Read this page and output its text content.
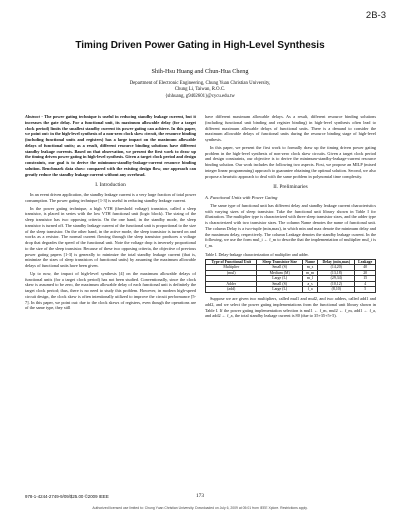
2B-3
Timing Driven Power Gating in High-Level Synthesis
Shih-Hsu Huang and Chun-Hua Cheng
Department of Electronic Engineering, Chung Yuan Christian University,
Chung Li, Taiwan, R.O.C.
{shhuang, g9402601}@cycu.edu.tw
Abstract - The power gating technique is useful in reducing standby leakage current, but it increases the gate delay. For a functional unit, its maximum allowable delay (for a target clock period) limits the smallest standby current its power gating can achieve. In this paper, we point out: in the high-level synthesis of a non-zero clock skew circuit, the resource binding (including functional units and registers) has a large impact on the maximum allowable delays of functional units; as a result, different resource binding solutions have different standby leakage currents. Based on that observation, we present the first work to draw up the timing driven power gating in high-level synthesis. Given a target clock period and design constraints, our goal is to derive the minimum-standby-leakage-current resource binding solution. Benchmark data show: compared with the existing design flow, our approach can greatly reduce the standby leakage current without any overhead.
I. Introduction

In an event driven application, the standby leakage current is a very large fraction of total power consumption. The power gating technique [1-3] is useful in reducing standby leakage current.

In the power gating technique, a high VTH (threshold voltage) transistor, called a sleep transistor, is placed in series with the low VTH functional unit (logic block). The sizing of the sleep transistor has two opposing criteria. On the one hand, in the standby mode, the sleep transistor is turned off. The standby leakage current of the functional unit is proportional to the size of the sleep transistor. On the other hand, in the active mode, the sleep transistor is turned on and works as a resistor. The normal current flowing through the sleep transistor produces a voltage drop that degrades the speed of the functional unit. Note the voltage drop is inversely proportional to the size of the sleep transistor. Because of these two opposing criteria, the objective of previous power gating papers [1-3] is generally to minimize the total standby leakage current (that is, minimize the sizes of sleep transistors of functional units) by assuming the maximum allowable delays of functional units have been given.

Up to now, the impact of high-level synthesis [4] on the maximum allowable delays of functional units (for a target clock period) has not been studied. Conventionally, since the clock skew is assumed to be zero, the maximum allowable delay of each functional unit is definitely the target clock period; thus, there is no need to study this problem. However, in modern high-speed circuit design, the clock skew is often intentionally utilized to improve the circuit performance [5-7]. In this paper, we point out: due to the clock skews of registers, even though the operations are of the same type, they still

have different maximum allowable delays. As a result, different resource binding solutions (including functional unit binding and register binding) in high-level synthesis often lead to different maximum allowable delays of functional units. There is a demand to consider the maximum allowable delays of functional units during the resource binding stage of high-level synthesis.

In this paper, we present the first work to formally draw up the timing driven power gating problem in the high-level synthesis of non-zero clock skew circuits. Given a target clock period and design constraints, our objective is to derive the minimum-standby-leakage-current resource binding solution. Our work includes the following two aspects. First, we propose an MILP (mixed integer linear programming) approach to guarantee obtaining the optimal solution. Second, we also propose a heuristic approach to deal with the same problem in polynomial time complexity.

II. Preliminaries
A. Functional Units with Power Gating

The same type of functional unit has different delay and standby leakage current characteristics with varying sizes of sleep transistor. Take the functional unit library shown in Table I for illustration. The multiplier type is characterized with three sleep transistor sizes, and the adder type is characterized with two transistor sizes. The column Name denotes the name of functional unit. The column Delay is a two-tuple (min,max), in which min and max denote the minimum delay and the maximum delay, respectively. The column Leakage denotes the standby leakage current. In the following, we use the form mul_i ← f_m to describe that the implementation of multiplier mul_i is f_m.

Table I. Delay-leakage characterization of multiplier and adder.

Type of Functional Unit	Sleep Transistor Size	Name	Delay (min,max)	Leakage
Multiplier	Small (S)	m_s	(14,20)	40
(mul)	Medium (M)	m_m	(13,18)	20
	Large (L)	m_l	(29,34)	15
Adder	Small (S)	a_s	(10,12)	4
(add)	Large (L)	f_a	(8,10)	5

Suppose we are given two multipliers, called mul1 and mul2, and two adders, called add1 and add2, and we select the power gating implementations from the functional unit library shown in Table I. If the power gating implementation selection is mul1 ← f_m, mul2 ← f_m, add1 ← f_a, and add2 ← f_a, the total standby leakage current is 80 (due to 35+35+5+5).

978-1-4244-2749-9/09/$25.00 ©2009 IEEE	173
Authorized licensed use limited to: Chung Yuan Christian University. Downloaded on July 6, 2009 at 05:01 from IEEE Xplore. Restrictions apply.
